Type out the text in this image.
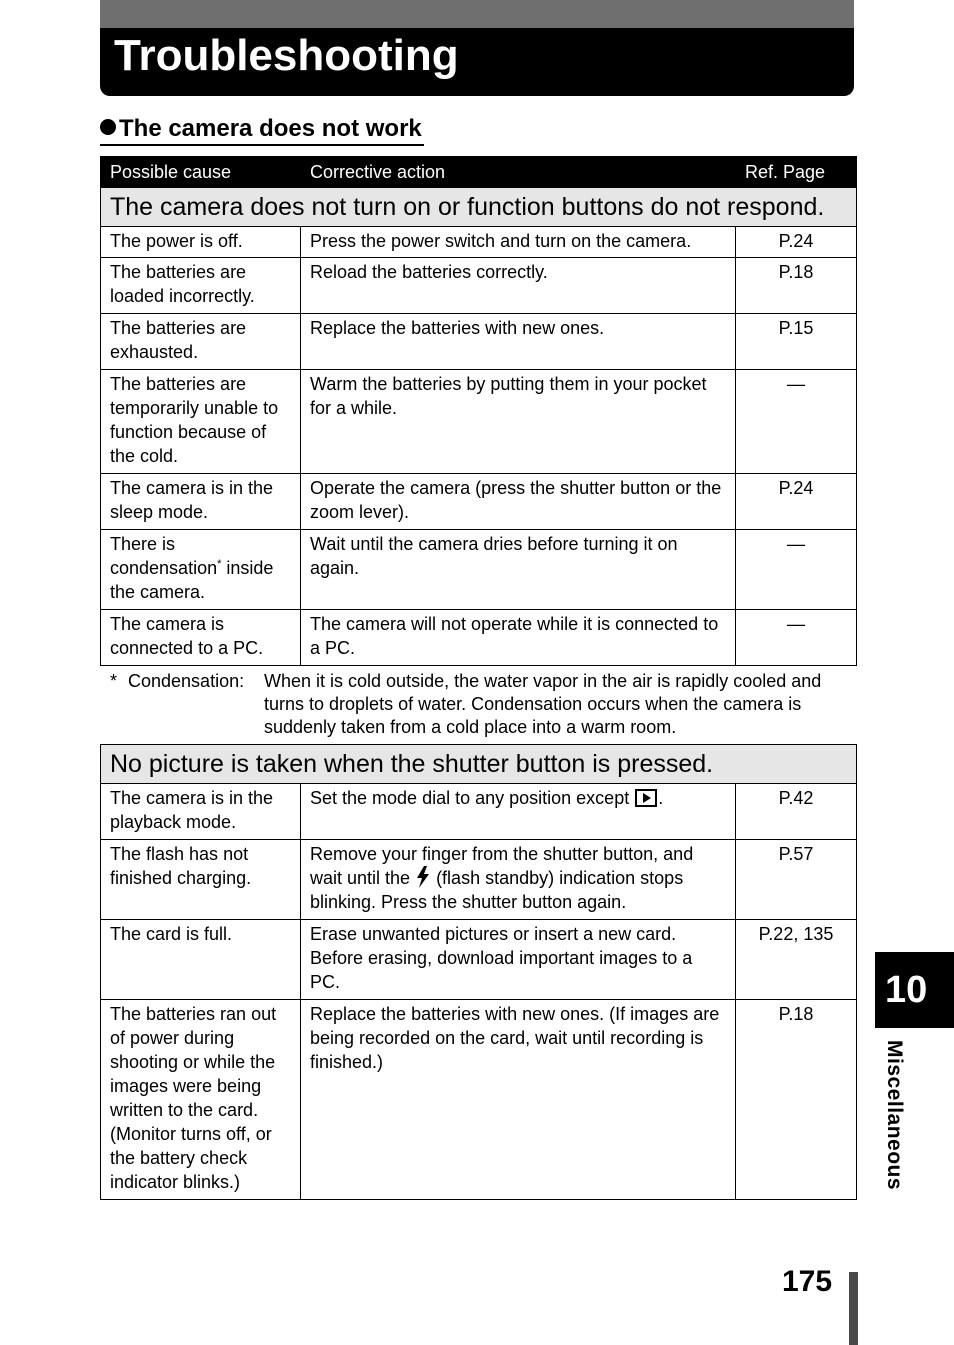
Troubleshooting
The camera does not work
Possible cause	Corrective action	Ref. Page
The camera does not turn on or function buttons do not respond.		
The power is off.	Press the power switch and turn on the camera.	P.24
The batteries are loaded incorrectly.	Reload the batteries correctly.	P.18
The batteries are exhausted.	Replace the batteries with new ones.	P.15
The batteries are temporarily unable to function because of the cold.	Warm the batteries by putting them in your pocket for a while.	—
The camera is in the sleep mode.	Operate the camera (press the shutter button or the zoom lever).	P.24
There is condensation* inside the camera.	Wait until the camera dries before turning it on again.	—
The camera is connected to a PC.	The camera will not operate while it is connected to a PC.	—
* Condensation: When it is cold outside, the water vapor in the air is rapidly cooled and turns to droplets of water. Condensation occurs when the camera is suddenly taken from a cold place into a warm room.
No picture is taken when the shutter button is pressed.		
The camera is in the playback mode.	Set the mode dial to any position except .	P.42
The flash has not finished charging.	Remove your finger from the shutter button, and wait until the  (flash standby) indication stops blinking. Press the shutter button again.	P.57
The card is full.	Erase unwanted pictures or insert a new card. Before erasing, download important images to a PC.	P.22, 135
The batteries ran out of power during shooting or while the images were being written to the card. (Monitor turns off, or the battery check indicator blinks.)	Replace the batteries with new ones. (If images are being recorded on the card, wait until recording is finished.)	P.18
10
Miscellaneous
175
